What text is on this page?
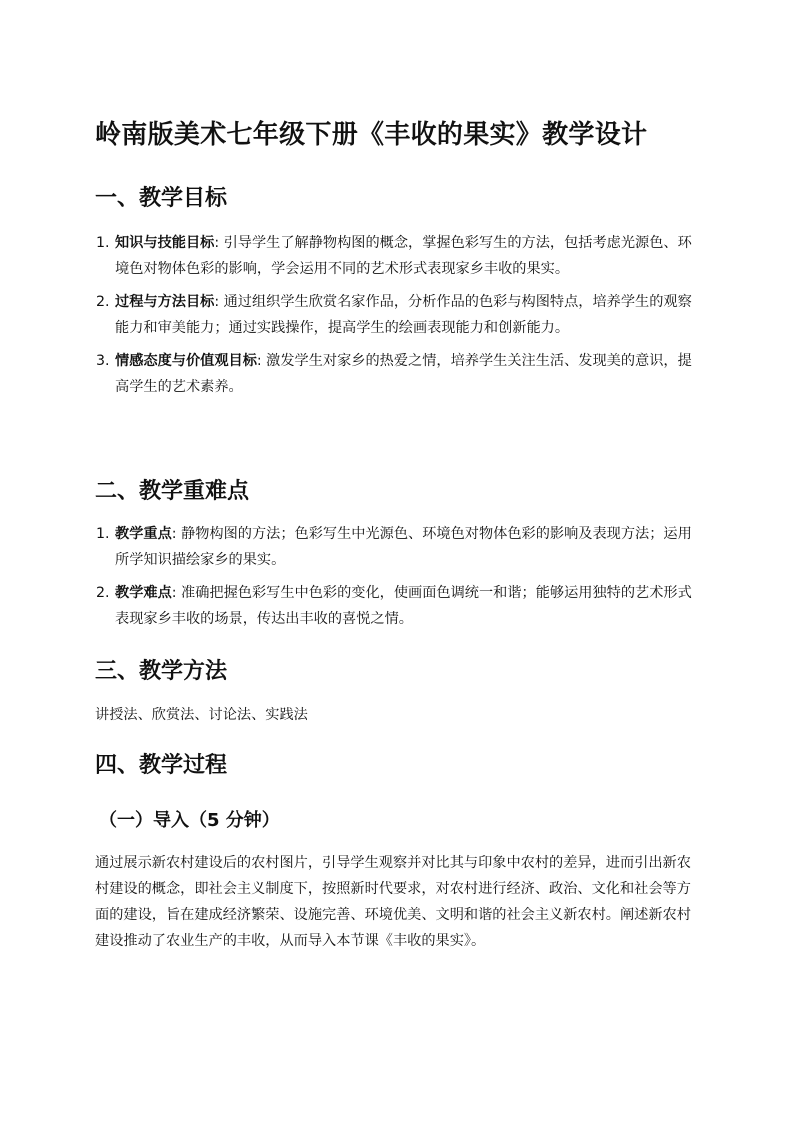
岭南版美术七年级下册《丰收的果实》教学设计
一、教学目标
1. 知识与技能目标: 引导学生了解静物构图的概念，掌握色彩写生的方法，包括考虑光源色、环境色对物体色彩的影响，学会运用不同的艺术形式表现家乡丰收的果实。
2. 过程与方法目标: 通过组织学生欣赏名家作品，分析作品的色彩与构图特点，培养学生的观察能力和审美能力；通过实践操作，提高学生的绘画表现能力和创新能力。
3. 情感态度与价值观目标: 激发学生对家乡的热爱之情，培养学生关注生活、发现美的意识，提高学生的艺术素养。
二、教学重难点
1. 教学重点: 静物构图的方法；色彩写生中光源色、环境色对物体色彩的影响及表现方法；运用所学知识描绘家乡的果实。
2. 教学难点: 准确把握色彩写生中色彩的变化，使画面色调统一和谐；能够运用独特的艺术形式表现家乡丰收的场景，传达出丰收的喜悦之情。
三、教学方法

讲授法、欣赏法、讨论法、实践法

四、教学过程
（一）导入（5 分钟）

通过展示新农村建设后的农村图片，引导学生观察并对比其与印象中农村的差异，进而引出新农村建设的概念，即社会主义制度下，按照新时代要求，对农村进行经济、政治、文化和社会等方面的建设，旨在建成经济繁荣、设施完善、环境优美、文明和谐的社会主义新农村。阐述新农村建设推动了农业生产的丰收，从而导入本节课《丰收的果实》。
